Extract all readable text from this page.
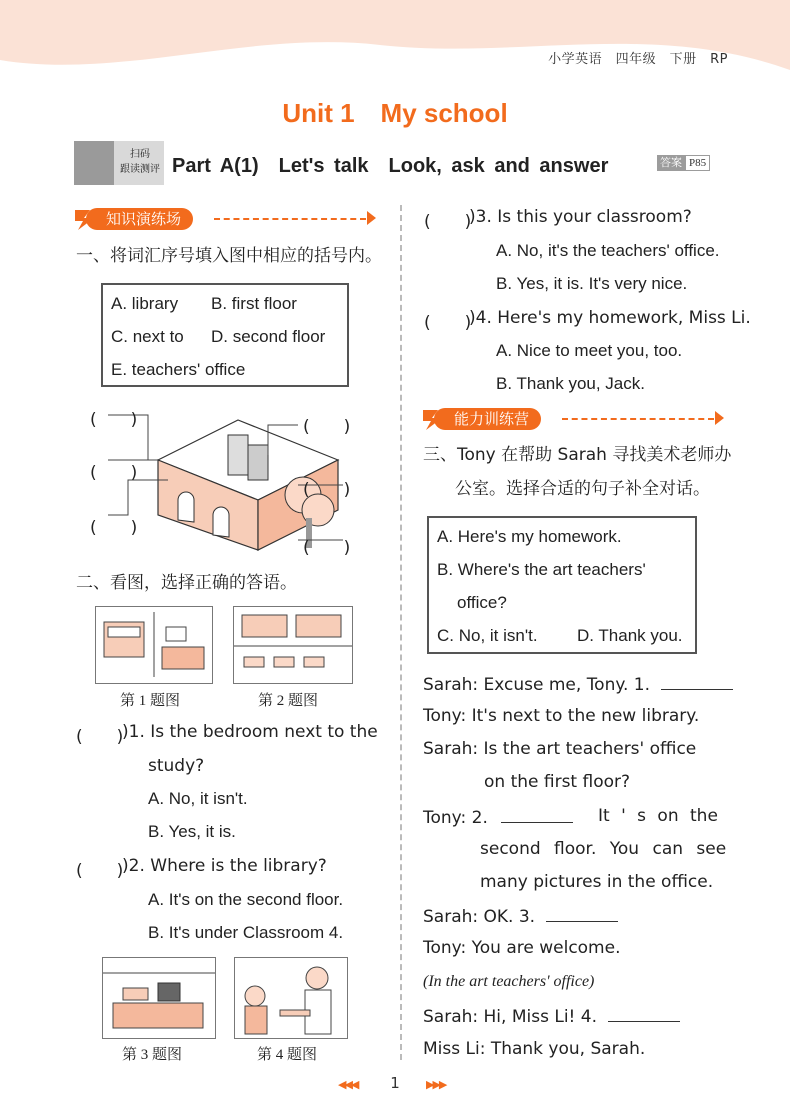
小学英语　四年级　下册　RP
Unit 1　My school
扫码
跟读测评 Part A(1)　Let's talk　Look, ask and answer	答案 P85
知识演练场
一、将词汇序号填入图中相应的括号内。
A. library B. first floor
C. next to D. second floor
E. teachers' office
(　　)
(　　)
(　　)
(　　)
(　　)
(　　)
二、看图，选择正确的答语。
第 1 题图	第 2 题图
(　　)
)1. Is the bedroom next to the
study?
A. No, it isn't.
B. Yes, it is.
(　　)
)2. Where is the library?
A. It's on the second floor.
B. It's under Classroom 4.
第 3 题图	第 4 题图
(　　)
)3. Is this your classroom?
A. No, it's the teachers' office.
B. Yes, it is. It's very nice.
(　　)
)4. Here's my homework, Miss Li.
A. Nice to meet you, too.
B. Thank you, Jack.
能力训练营
三、Tony 在帮助 Sarah 寻找美术老师办
公室。选择合适的句子补全对话。
A. Here's my homework.
B. Where's the art teachers'
office?
C. No, it isn't. D. Thank you.
Sarah: Excuse me, Tony. 1.
Tony: It's next to the new library.
Sarah: Is the art teachers' office
on the first floor?
Tony: 2.	It ' s on the
second floor. You can see
many pictures in the office.
Sarah: OK. 3.
Tony: You are welcome.
(In the art teachers' office)
Sarah: Hi, Miss Li! 4.
Miss Li: Thank you, Sarah.
◀◀◀	1	▶▶▶
